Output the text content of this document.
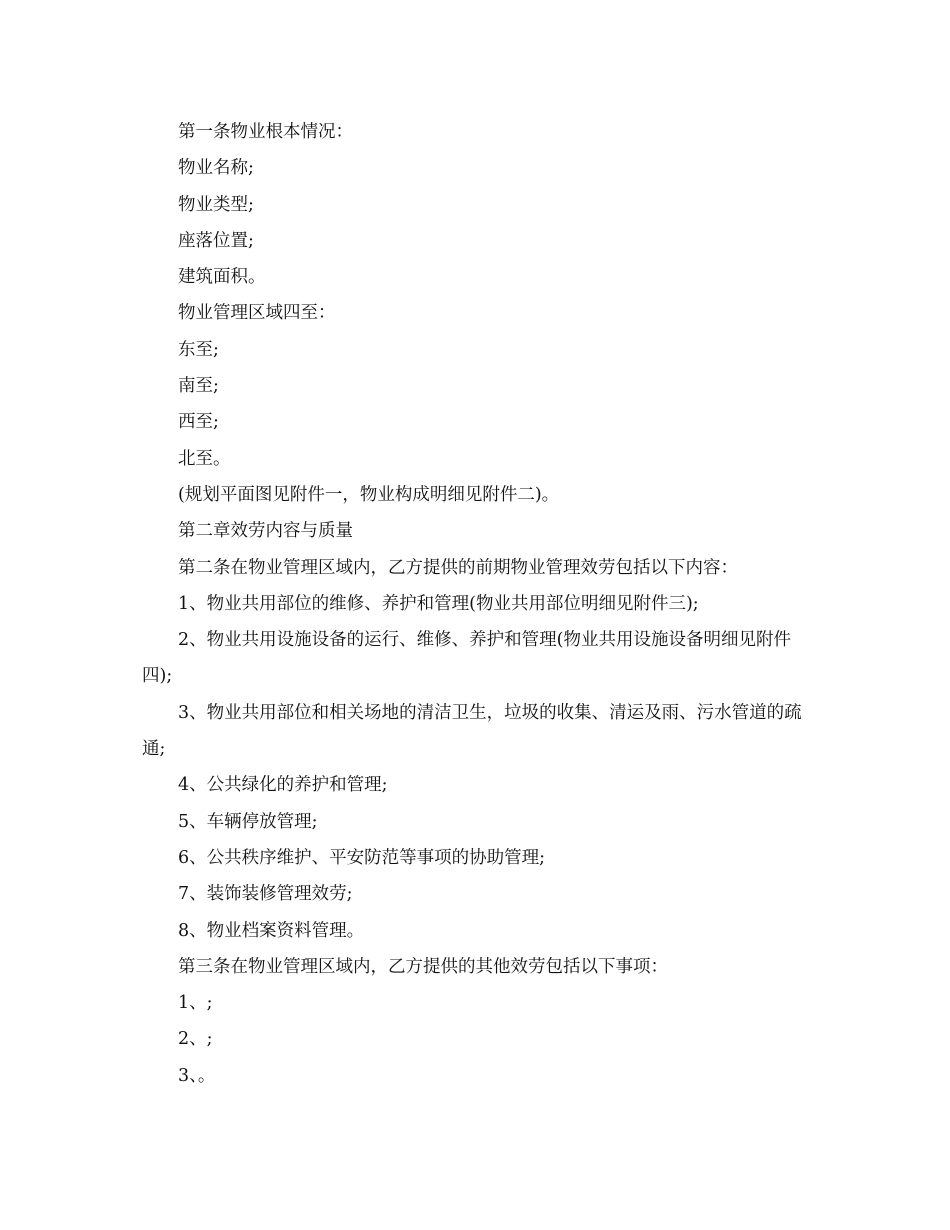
第一条物业根本情况：

物业名称;

物业类型;

座落位置;

建筑面积。

物业管理区域四至：

东至;

南至;

西至;

北至。

(规划平面图见附件一，物业构成明细见附件二)。

第二章效劳内容与质量

第二条在物业管理区域内，乙方提供的前期物业管理效劳包括以下内容：

1、物业共用部位的维修、养护和管理(物业共用部位明细见附件三);

2、物业共用设施设备的运行、维修、养护和管理(物业共用设施设备明细见附件四);

3、物业共用部位和相关场地的清洁卫生，垃圾的收集、清运及雨、污水管道的疏通;

4、公共绿化的养护和管理;

5、车辆停放管理;

6、公共秩序维护、平安防范等事项的协助管理;

7、装饰装修管理效劳;

8、物业档案资料管理。

第三条在物业管理区域内，乙方提供的其他效劳包括以下事项：

1、;

2、;

3、。
